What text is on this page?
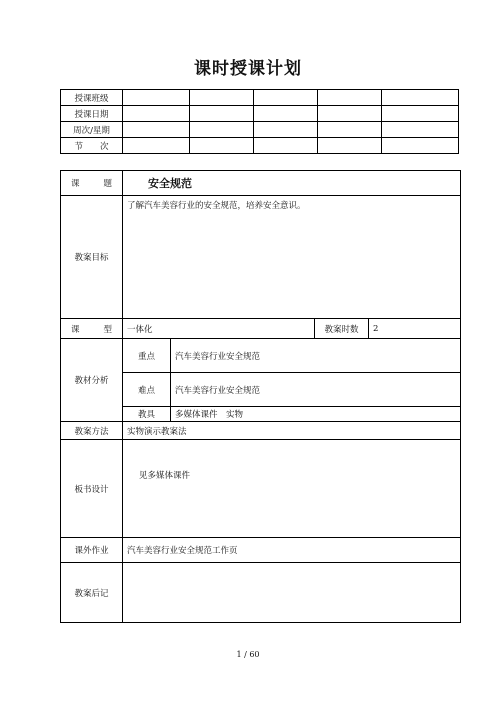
课时授课计划
授课班级					
授课日期					
周次/星期					
节　　次					
课　题	安全规范			
教案目标	了解汽车美容行业的安全规范，培养安全意识。			
课　型	一体化		教案时数	2
教材分析	重点	汽车美容行业安全规范		
	难点	汽车美容行业安全规范		
	教具	多媒体课件　实物		
教案方法	实物演示教案法			
板书设计	见多媒体课件			
课外作业	汽车美容行业安全规范工作页			
教案后记				
1 / 60
